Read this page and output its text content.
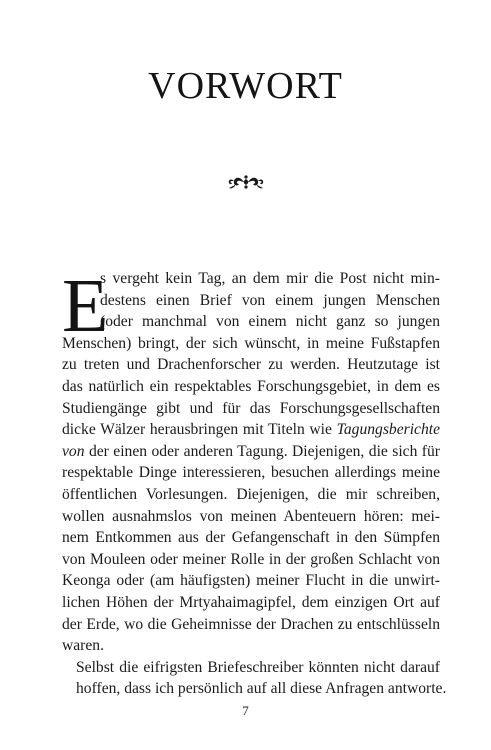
VORWORT
E
s vergeht kein Tag, an dem mir die Post nicht min-
destens einen Brief von einem jungen Menschen
(oder manchmal von einem nicht ganz so jungen
Menschen) bringt, der sich wünscht, in meine Fußstapfen
zu treten und Drachenforscher zu werden. Heutzutage ist
das natürlich ein respektables Forschungsgebiet, in dem es
Studiengänge gibt und für das Forschungsgesellschaften
dicke Wälzer herausbringen mit Titeln wie Tagungsberichte
von der einen oder anderen Tagung. Diejenigen, die sich für
respektable Dinge interessieren, besuchen allerdings meine
öffentlichen Vorlesungen. Diejenigen, die mir schreiben,
wollen ausnahmslos von meinen Abenteuern hören: mei-
nem Entkommen aus der Gefangenschaft in den Sümpfen
von Mouleen oder meiner Rolle in der großen Schlacht von
Keonga oder (am häufigsten) meiner Flucht in die unwirt-
lichen Höhen der Mrtyahaimagipfel, dem einzigen Ort auf
der Erde, wo die Geheimnisse der Drachen zu entschlüsseln
waren.
Selbst die eifrigsten Briefeschreiber könnten nicht darauf
hoffen, dass ich persönlich auf all diese Anfragen antworte.
7
